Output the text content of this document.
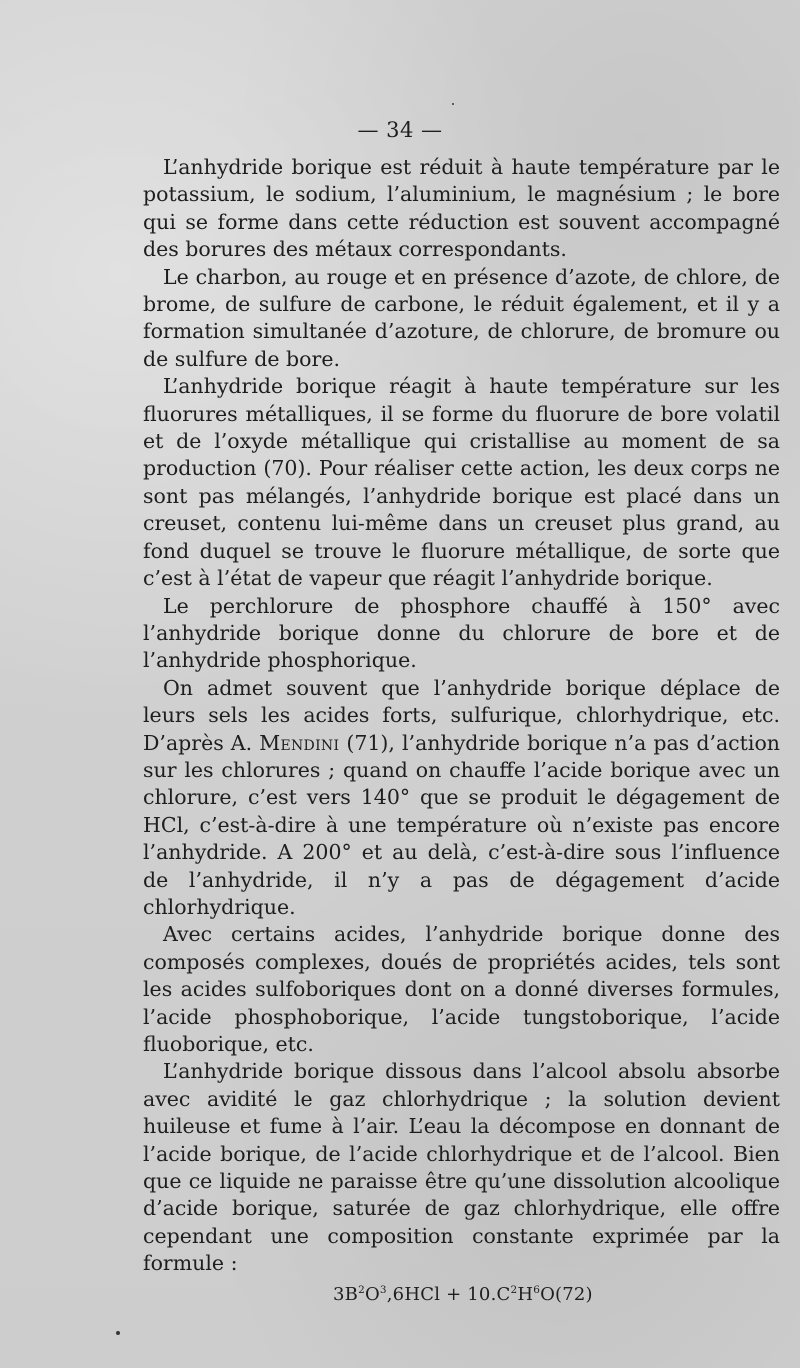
— 34 —

L’anhydride borique est réduit à haute température par le potassium, le sodium, l’aluminium, le magnésium ; le bore qui se forme dans cette réduction est souvent accompagné des borures des métaux correspondants.

Le charbon, au rouge et en présence d’azote, de chlore, de brome, de sulfure de carbone, le réduit également, et il y a formation simultanée d’azoture, de chlorure, de bromure ou de sulfure de bore.

L’anhydride borique réagit à haute température sur les fluorures métalliques, il se forme du fluorure de bore volatil et de l’oxyde métallique qui cristallise au moment de sa production (70). Pour réaliser cette action, les deux corps ne sont pas mélangés, l’anhydride borique est placé dans un creuset, contenu lui-même dans un creuset plus grand, au fond duquel se trouve le fluorure métallique, de sorte que c’est à l’état de vapeur que réagit l’anhydride borique.

Le perchlorure de phosphore chauffé à 150° avec l’anhydride borique donne du chlorure de bore et de l’anhydride phosphorique.

On admet souvent que l’anhydride borique déplace de leurs sels les acides forts, sulfurique, chlorhydrique, etc. D’après A. Mendini (71), l’anhydride borique n’a pas d’action sur les chlorures ; quand on chauffe l’acide borique avec un chlorure, c’est vers 140° que se produit le dégagement de HCl, c’est-à-dire à une température où n’existe pas encore l’anhydride. A 200° et au delà, c’est-à-dire sous l’influence de l’anhydride, il n’y a pas de dégagement d’acide chlorhydrique.

Avec certains acides, l’anhydride borique donne des composés complexes, doués de propriétés acides, tels sont les acides sulfoboriques dont on a donné diverses formules, l’acide phosphoborique, l’acide tungstoborique, l’acide fluoborique, etc.

L’anhydride borique dissous dans l’alcool absolu absorbe avec avidité le gaz chlorhydrique ; la solution devient huileuse et fume à l’air. L’eau la décompose en donnant de l’acide borique, de l’acide chlorhydrique et de l’alcool. Bien que ce liquide ne paraisse être qu’une dissolution alcoolique d’acide borique, saturée de gaz chlorhydrique, elle offre cependant une composition constante exprimée par la formule :

$3B^2O^3,6HCl + 10.C^2H^6O(72)$
